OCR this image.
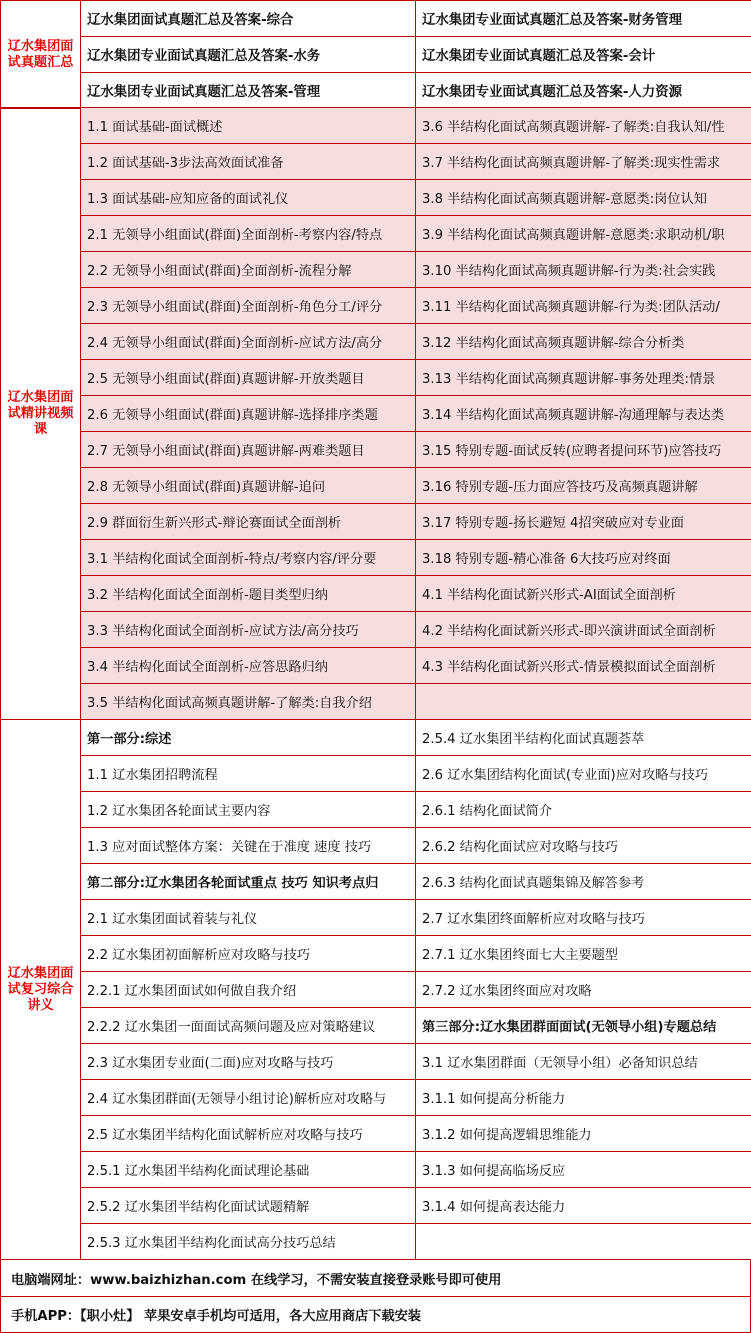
辽水集团面试真题汇总	辽水集团面试真题汇总及答案-综合	辽水集团专业面试真题汇总及答案-财务管理
	辽水集团专业面试真题汇总及答案-水务	辽水集团专业面试真题汇总及答案-会计
	辽水集团专业面试真题汇总及答案-管理	辽水集团专业面试真题汇总及答案-人力资源
辽水集团面试精讲视频课	1.1 面试基础-面试概述	3.6 半结构化面试高频真题讲解-了解类:自我认知/性
	1.2 面试基础-3步法高效面试准备	3.7 半结构化面试高频真题讲解-了解类:现实性需求
	1.3 面试基础-应知应备的面试礼仪	3.8 半结构化面试高频真题讲解-意愿类:岗位认知
	2.1 无领导小组面试(群面)全面剖析-考察内容/特点	3.9 半结构化面试高频真题讲解-意愿类:求职动机/职
	2.2 无领导小组面试(群面)全面剖析-流程分解	3.10 半结构化面试高频真题讲解-行为类:社会实践
	2.3 无领导小组面试(群面)全面剖析-角色分工/评分	3.11 半结构化面试高频真题讲解-行为类:团队活动/
	2.4 无领导小组面试(群面)全面剖析-应试方法/高分	3.12 半结构化面试高频真题讲解-综合分析类
	2.5 无领导小组面试(群面)真题讲解-开放类题目	3.13 半结构化面试高频真题讲解-事务处理类:情景
	2.6 无领导小组面试(群面)真题讲解-选择排序类题	3.14 半结构化面试高频真题讲解-沟通理解与表达类
	2.7 无领导小组面试(群面)真题讲解-两难类题目	3.15 特别专题-面试反转(应聘者提问环节)应答技巧
	2.8 无领导小组面试(群面)真题讲解-追问	3.16 特别专题-压力面应答技巧及高频真题讲解
	2.9 群面衍生新兴形式-辩论赛面试全面剖析	3.17 特别专题-扬长避短 4招突破应对专业面
	3.1 半结构化面试全面剖析-特点/考察内容/评分要	3.18 特别专题-精心准备 6大技巧应对终面
	3.2 半结构化面试全面剖析-题目类型归纳	4.1 半结构化面试新兴形式-AI面试全面剖析
	3.3 半结构化面试全面剖析-应试方法/高分技巧	4.2 半结构化面试新兴形式-即兴演讲面试全面剖析
	3.4 半结构化面试全面剖析-应答思路归纳	4.3 半结构化面试新兴形式-情景模拟面试全面剖析
	3.5 半结构化面试高频真题讲解-了解类:自我介绍	
辽水集团面试复习综合讲义	第一部分:综述	2.5.4 辽水集团半结构化面试真题荟萃
	1.1 辽水集团招聘流程	2.6 辽水集团结构化面试(专业面)应对攻略与技巧
	1.2 辽水集团各轮面试主要内容	2.6.1 结构化面试简介
	1.3 应对面试整体方案：关键在于准度 速度 技巧	2.6.2 结构化面试应对攻略与技巧
	第二部分:辽水集团各轮面试重点 技巧 知识考点归	2.6.3 结构化面试真题集锦及解答参考
	2.1 辽水集团面试着装与礼仪	2.7 辽水集团终面解析应对攻略与技巧
	2.2 辽水集团初面解析应对攻略与技巧	2.7.1 辽水集团终面七大主要题型
	2.2.1 辽水集团面试如何做自我介绍	2.7.2 辽水集团终面应对攻略
	2.2.2 辽水集团一面面试高频问题及应对策略建议	第三部分:辽水集团群面面试(无领导小组)专题总结
	2.3 辽水集团专业面(二面)应对攻略与技巧	3.1 辽水集团群面（无领导小组）必备知识总结
	2.4 辽水集团群面(无领导小组讨论)解析应对攻略与	3.1.1 如何提高分析能力
	2.5 辽水集团半结构化面试解析应对攻略与技巧	3.1.2 如何提高逻辑思维能力
	2.5.1 辽水集团半结构化面试理论基础	3.1.3 如何提高临场反应
	2.5.2 辽水集团半结构化面试试题精解	3.1.4 如何提高表达能力
	2.5.3 辽水集团半结构化面试高分技巧总结	
电脑端网址：www.baizhizhan.com 在线学习，不需安装直接登录账号即可使用
手机APP：【职小灶】 苹果安卓手机均可适用，各大应用商店下载安装
